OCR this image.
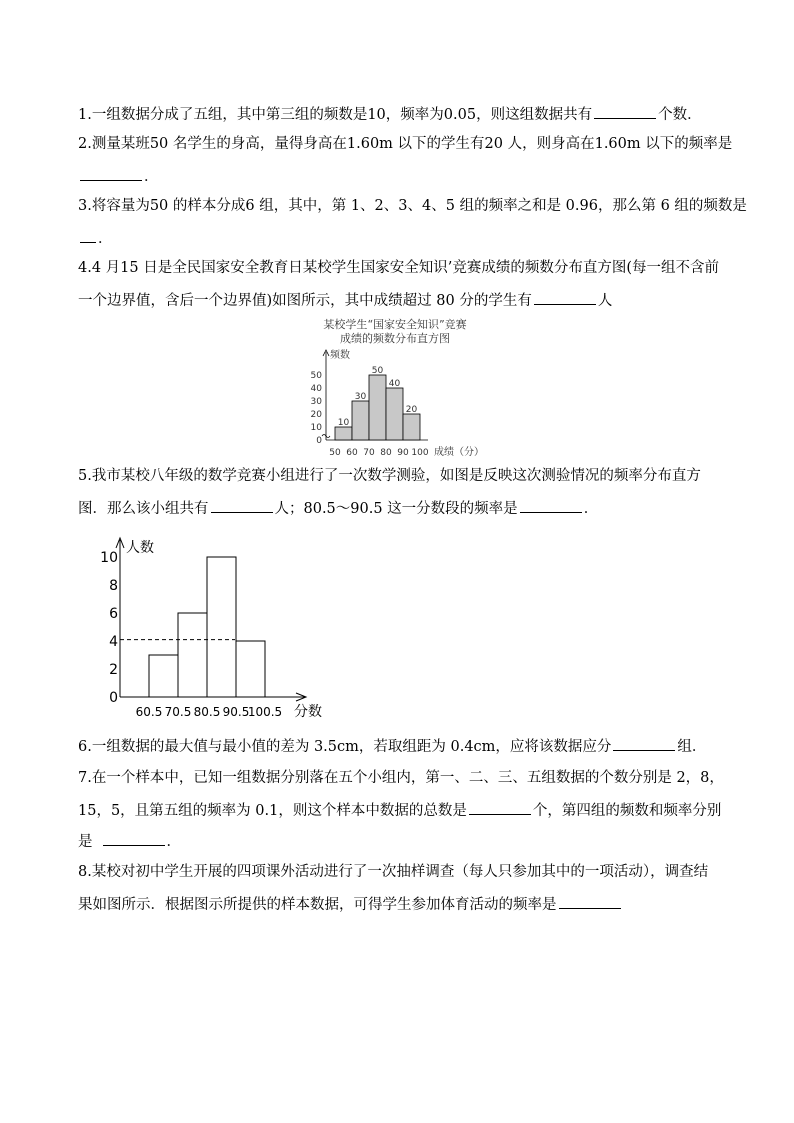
1.一组数据分成了五组，其中第三组的频数是10，频率为0.05，则这组数据共有	个数．
2.测量某班50 名学生的身高，量得身高在1.60m 以下的学生有20 人，则身高在1.60m 以下的频率是
．
3.将容量为50 的样本分成6 组，其中，第 1、2、3、4、5 组的频率之和是 0.96，那么第 6 组的频数是
．
4.4 月15 日是全民国家安全教育日某校学生国家安全知识’竞赛成绩的频数分布直方图(每一组不含前
一个边界值，含后一个边界值)如图所示，其中成绩超过 80 分的学生有	人
某校学生“国家安全知识”竞赛
成绩的频数分布直方图
频数
成绩（分）
0
10
20
30
40
50
10
30
50
40
20
50 60 70 80 90 100
5.我市某校八年级的数学竞赛小组进行了一次数学测验，如图是反映这次测验情况的频率分布直方
图．那么该小组共有	人；80.5～90.5 这一分数段的频率是	．
人数
分数
0
2
4
6
8
10
60.5 70.5 80.5 90.5
100.5
6.一组数据的最大值与最小值的差为 3.5cm，若取组距为 0.4cm，应将该数据应分	组．
7.在一个样本中，已知一组数据分别落在五个小组内，第一、二、三、五组数据的个数分别是 2，8，
15，5，且第五组的频率为 0.1，则这个样本中数据的总数是	个，第四组的频数和频率分别
是	．
8.某校对初中学生开展的四项课外活动进行了一次抽样调查（每人只参加其中的一项活动），调查结
果如图所示．根据图示所提供的样本数据，可得学生参加体育活动的频率是
